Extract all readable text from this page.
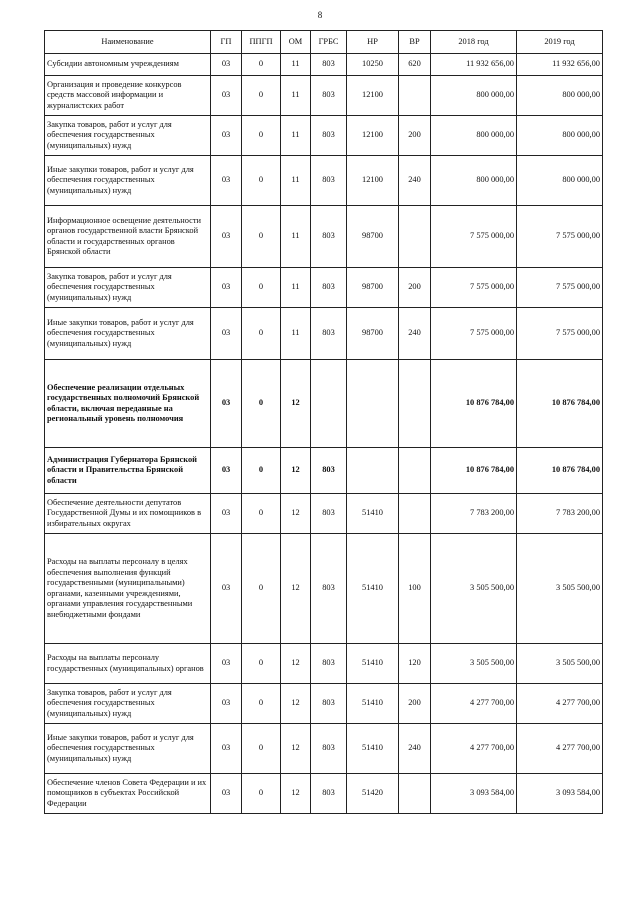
8
Наименование	ГП	ППГП	ОМ	ГРБС	НР	ВР	2018 год	2019 год
Субсидии автономным учреждениям	03	0	11	803	10250	620	11 932 656,00	11 932 656,00
Организация и проведение конкурсов средств массовой информации и журналистских работ	03	0	11	803	12100		800 000,00	800 000,00
Закупка товаров, работ и услуг для обеспечения государственных (муниципальных) нужд	03	0	11	803	12100	200	800 000,00	800 000,00
Иные закупки товаров, работ и услуг для обеспечения государственных (муниципальных) нужд	03	0	11	803	12100	240	800 000,00	800 000,00
Информационное освещение деятельности органов государственной власти Брянской области и государственных органов Брянской области	03	0	11	803	98700		7 575 000,00	7 575 000,00
Закупка товаров, работ и услуг для обеспечения государственных (муниципальных) нужд	03	0	11	803	98700	200	7 575 000,00	7 575 000,00
Иные закупки товаров, работ и услуг для обеспечения государственных (муниципальных) нужд	03	0	11	803	98700	240	7 575 000,00	7 575 000,00
Обеспечение реализации отдельных государственных полномочий Брянской области, включая переданные на региональный уровень полномочия	03	0	12				10 876 784,00	10 876 784,00
Администрация Губернатора Брянской области и Правительства Брянской области	03	0	12	803			10 876 784,00	10 876 784,00
Обеспечение деятельности депутатов Государственной Думы и их помощников в избирательных округах	03	0	12	803	51410		7 783 200,00	7 783 200,00
Расходы на выплаты персоналу в целях обеспечения выполнения функций государственными (муниципальными) органами, казенными учреждениями, органами управления государственными внебюджетными фондами	03	0	12	803	51410	100	3 505 500,00	3 505 500,00
Расходы на выплаты персоналу государственных (муниципальных) органов	03	0	12	803	51410	120	3 505 500,00	3 505 500,00
Закупка товаров, работ и услуг для обеспечения государственных (муниципальных) нужд	03	0	12	803	51410	200	4 277 700,00	4 277 700,00
Иные закупки товаров, работ и услуг для обеспечения государственных (муниципальных) нужд	03	0	12	803	51410	240	4 277 700,00	4 277 700,00
Обеспечение членов Совета Федерации и их помощников в субъектах Российской Федерации	03	0	12	803	51420		3 093 584,00	3 093 584,00
